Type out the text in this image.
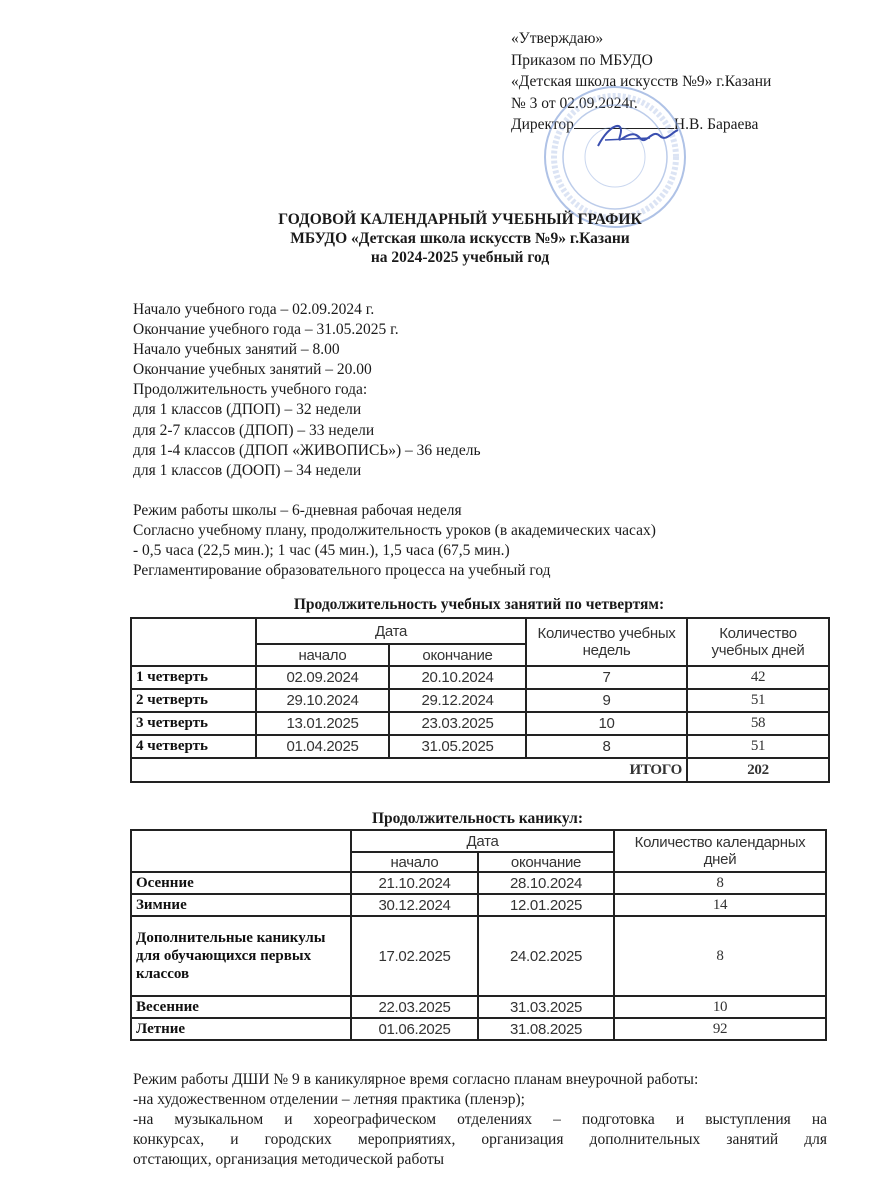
«Утверждаю»
Приказом по МБУДО
«Детская школа искусств №9» г.Казани
№ 3 от 02.09.2024г.
Директор	Н.В. Бараева
ГОДОВОЙ КАЛЕНДАРНЫЙ УЧЕБНЫЙ ГРАФИК
МБУДО «Детская школа искусств №9» г.Казани
на 2024-2025 учебный год
Начало учебного года – 02.09.2024 г.
Окончание учебного года – 31.05.2025 г.
Начало учебных занятий – 8.00
Окончание учебных занятий – 20.00
Продолжительность учебного года:
для 1 классов (ДПОП) – 32 недели
для 2-7 классов (ДПОП) – 33 недели
для 1-4 классов (ДПОП «ЖИВОПИСЬ») – 36 недель
для 1 классов (ДООП) – 34 недели
Режим работы школы – 6-дневная рабочая неделя
Согласно учебному плану, продолжительность уроков (в академических часах)
- 0,5 часа (22,5 мин.); 1 час (45 мин.), 1,5 часа (67,5 мин.)
Регламентирование образовательного процесса на учебный год
Продолжительность учебных занятий по четвертям:
	Дата		Количество учебных недель	Количество учебных дней
	начало	окончание		
1 четверть	02.09.2024	20.10.2024	7	42
2 четверть	29.10.2024	29.12.2024	9	51
3 четверть	13.01.2025	23.03.2025	10	58
4 четверть	01.04.2025	31.05.2025	8	51
ИТОГО				202
Продолжительность каникул:
	Дата		Количество календарных дней
	начало	окончание	
Осенние	21.10.2024	28.10.2024	8
Зимние	30.12.2024	12.01.2025	14
Дополнительные каникулы для обучающихся первых классов	17.02.2025	24.02.2025	8
Весенние	22.03.2025	31.03.2025	10
Летние	01.06.2025	31.08.2025	92
Режим работы ДШИ № 9 в каникулярное время согласно планам внеурочной работы:
-на художественном отделении – летняя практика (пленэр);
-на музыкальном и хореографическом отделениях – подготовка и выступления на
конкурсах, и городских мероприятиях, организация дополнительных занятий для
отстающих, организация методической работы
